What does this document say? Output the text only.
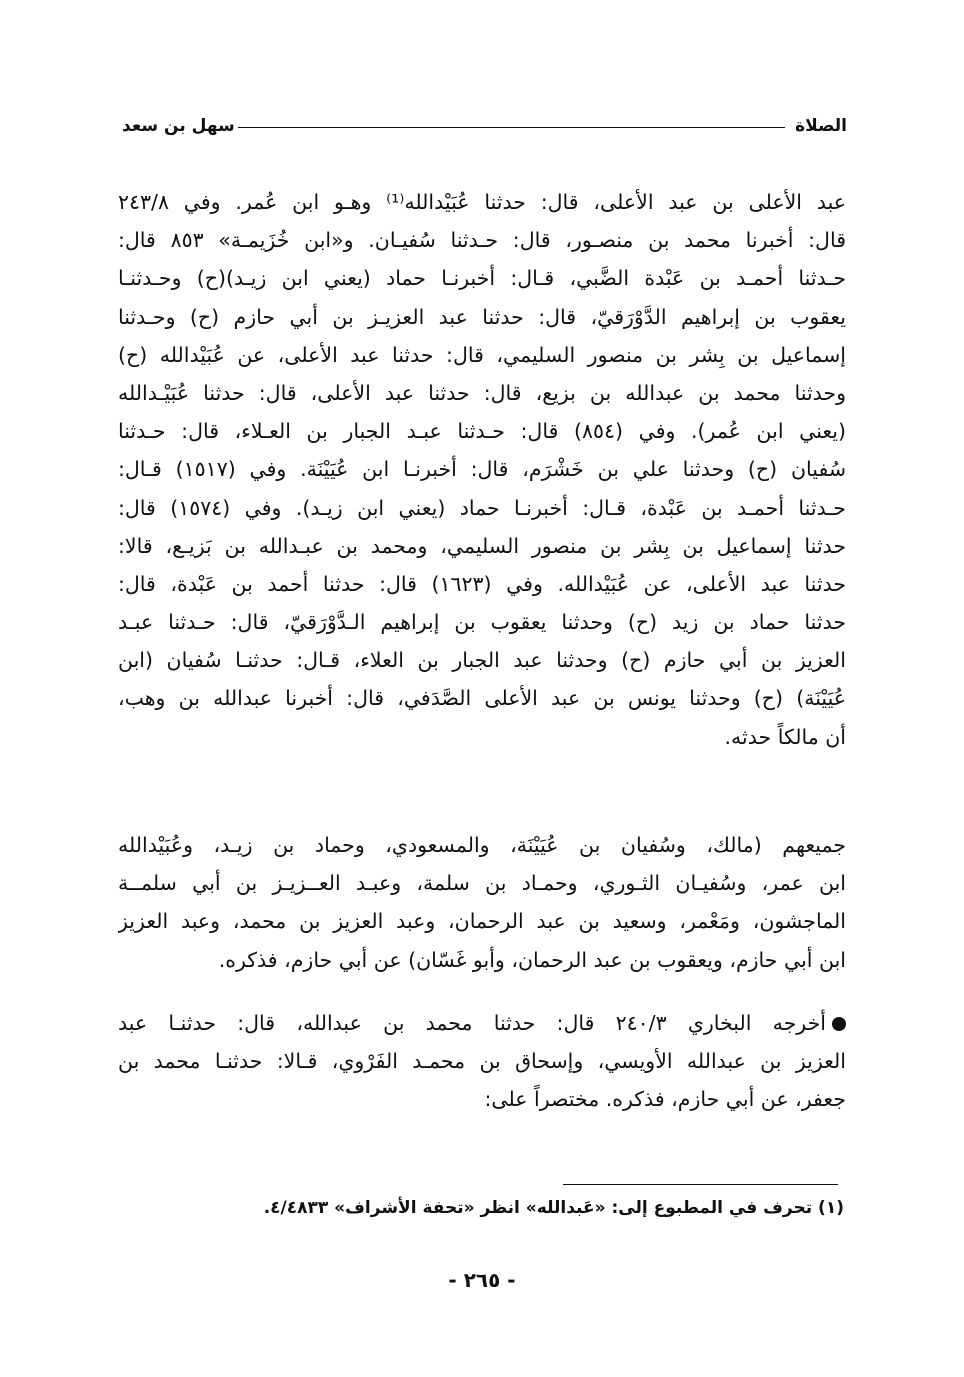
الصلاة
سهل بن سعد
عبد الأعلى بن عبد الأعلى، قال: حدثنا عُبَيْدالله⁽¹⁾ وهـو ابن عُمر. وفي ٢٤٣/٨
قال: أخبرنا محمد بن منصـور، قال: حـدثنا سُفيـان. و«ابن خُزَيمـة» ٨٥٣ قال:
حـدثنا أحمـد بن عَبْدة الضَّبي، قـال: أخبرنـا حماد (يعني ابن زيـد)(ح) وحـدثنـا
يعقوب بن إبراهيم الدَّوْرَقيّ، قال: حدثنا عبد العزيـز بن أبي حازم (ح) وحـدثنا
إسماعيل بن بِشر بن منصور السليمي، قال: حدثنا عبد الأعلى، عن عُبَيْدالله (ح)
وحدثنا محمد بن عبدالله بن بزيع، قال: حدثنا عبد الأعلى، قال: حدثنا عُبَيْـدالله
(يعني ابن عُمر). وفي (٨٥٤) قال: حـدثنا عبـد الجبار بن العـلاء، قال: حـدثنا
سُفيان (ح) وحدثنا علي بن خَشْرَم، قال: أخبرنـا ابن عُيَيْنَة. وفي (١٥١٧) قـال:
حـدثنا أحمـد بن عَبْدة، قـال: أخبرنـا حماد (يعني ابن زيـد). وفي (١٥٧٤) قال:
حدثنا إسماعيل بن بِشر بن منصور السليمي، ومحمد بن عبـدالله بن بَزيـع، قالا:
حدثنا عبد الأعلى، عن عُبَيْدالله. وفي (١٦٢٣) قال: حدثنا أحمد بن عَبْدة، قال:
حدثنا حماد بن زيد (ح) وحدثنا يعقوب بن إبراهيم الـدَّوْرَقيّ، قال: حـدثنا عبـد
العزيز بن أبي حازم (ح) وحدثنا عبد الجبار بن العلاء، قـال: حدثنـا سُفيان (ابن
عُيَيْنَة) (ح) وحدثنا يونس بن عبد الأعلى الصَّدَفي، قال: أخبرنا عبدالله بن وهب،
أن مالكاً حدثه.
جميعهم (مالك، وسُفيان بن عُيَيْنَة، والمسعودي، وحماد بن زيـد، وعُبَيْدالله
ابن عمر، وسُفيـان الثـوري، وحمـاد بن سلمة، وعبـد العــزيـز بن أبي سلمــة
الماجشون، ومَعْمر، وسعيد بن عبد الرحمان، وعبد العزيز بن محمد، وعبد العزيز
ابن أبي حازم، ويعقوب بن عبد الرحمان، وأبو غَسّان) عن أبي حازم، فذكره.
أخرجه البخاري ٢٤٠/٣ قال: حدثنا محمد بن عبدالله، قال: حدثنـا عبد
العزيز بن عبدالله الأويسي، وإسحاق بن محمـد الفَرْوي، قـالا: حدثنـا محمد بن
جعفر، عن أبي حازم، فذكره. مختصراً على:
(١) تحرف في المطبوع إلى: «عَبدالله» انظر «تحفة الأشراف» ٤/٤٨٣٣.
- ٢٦٥ -
